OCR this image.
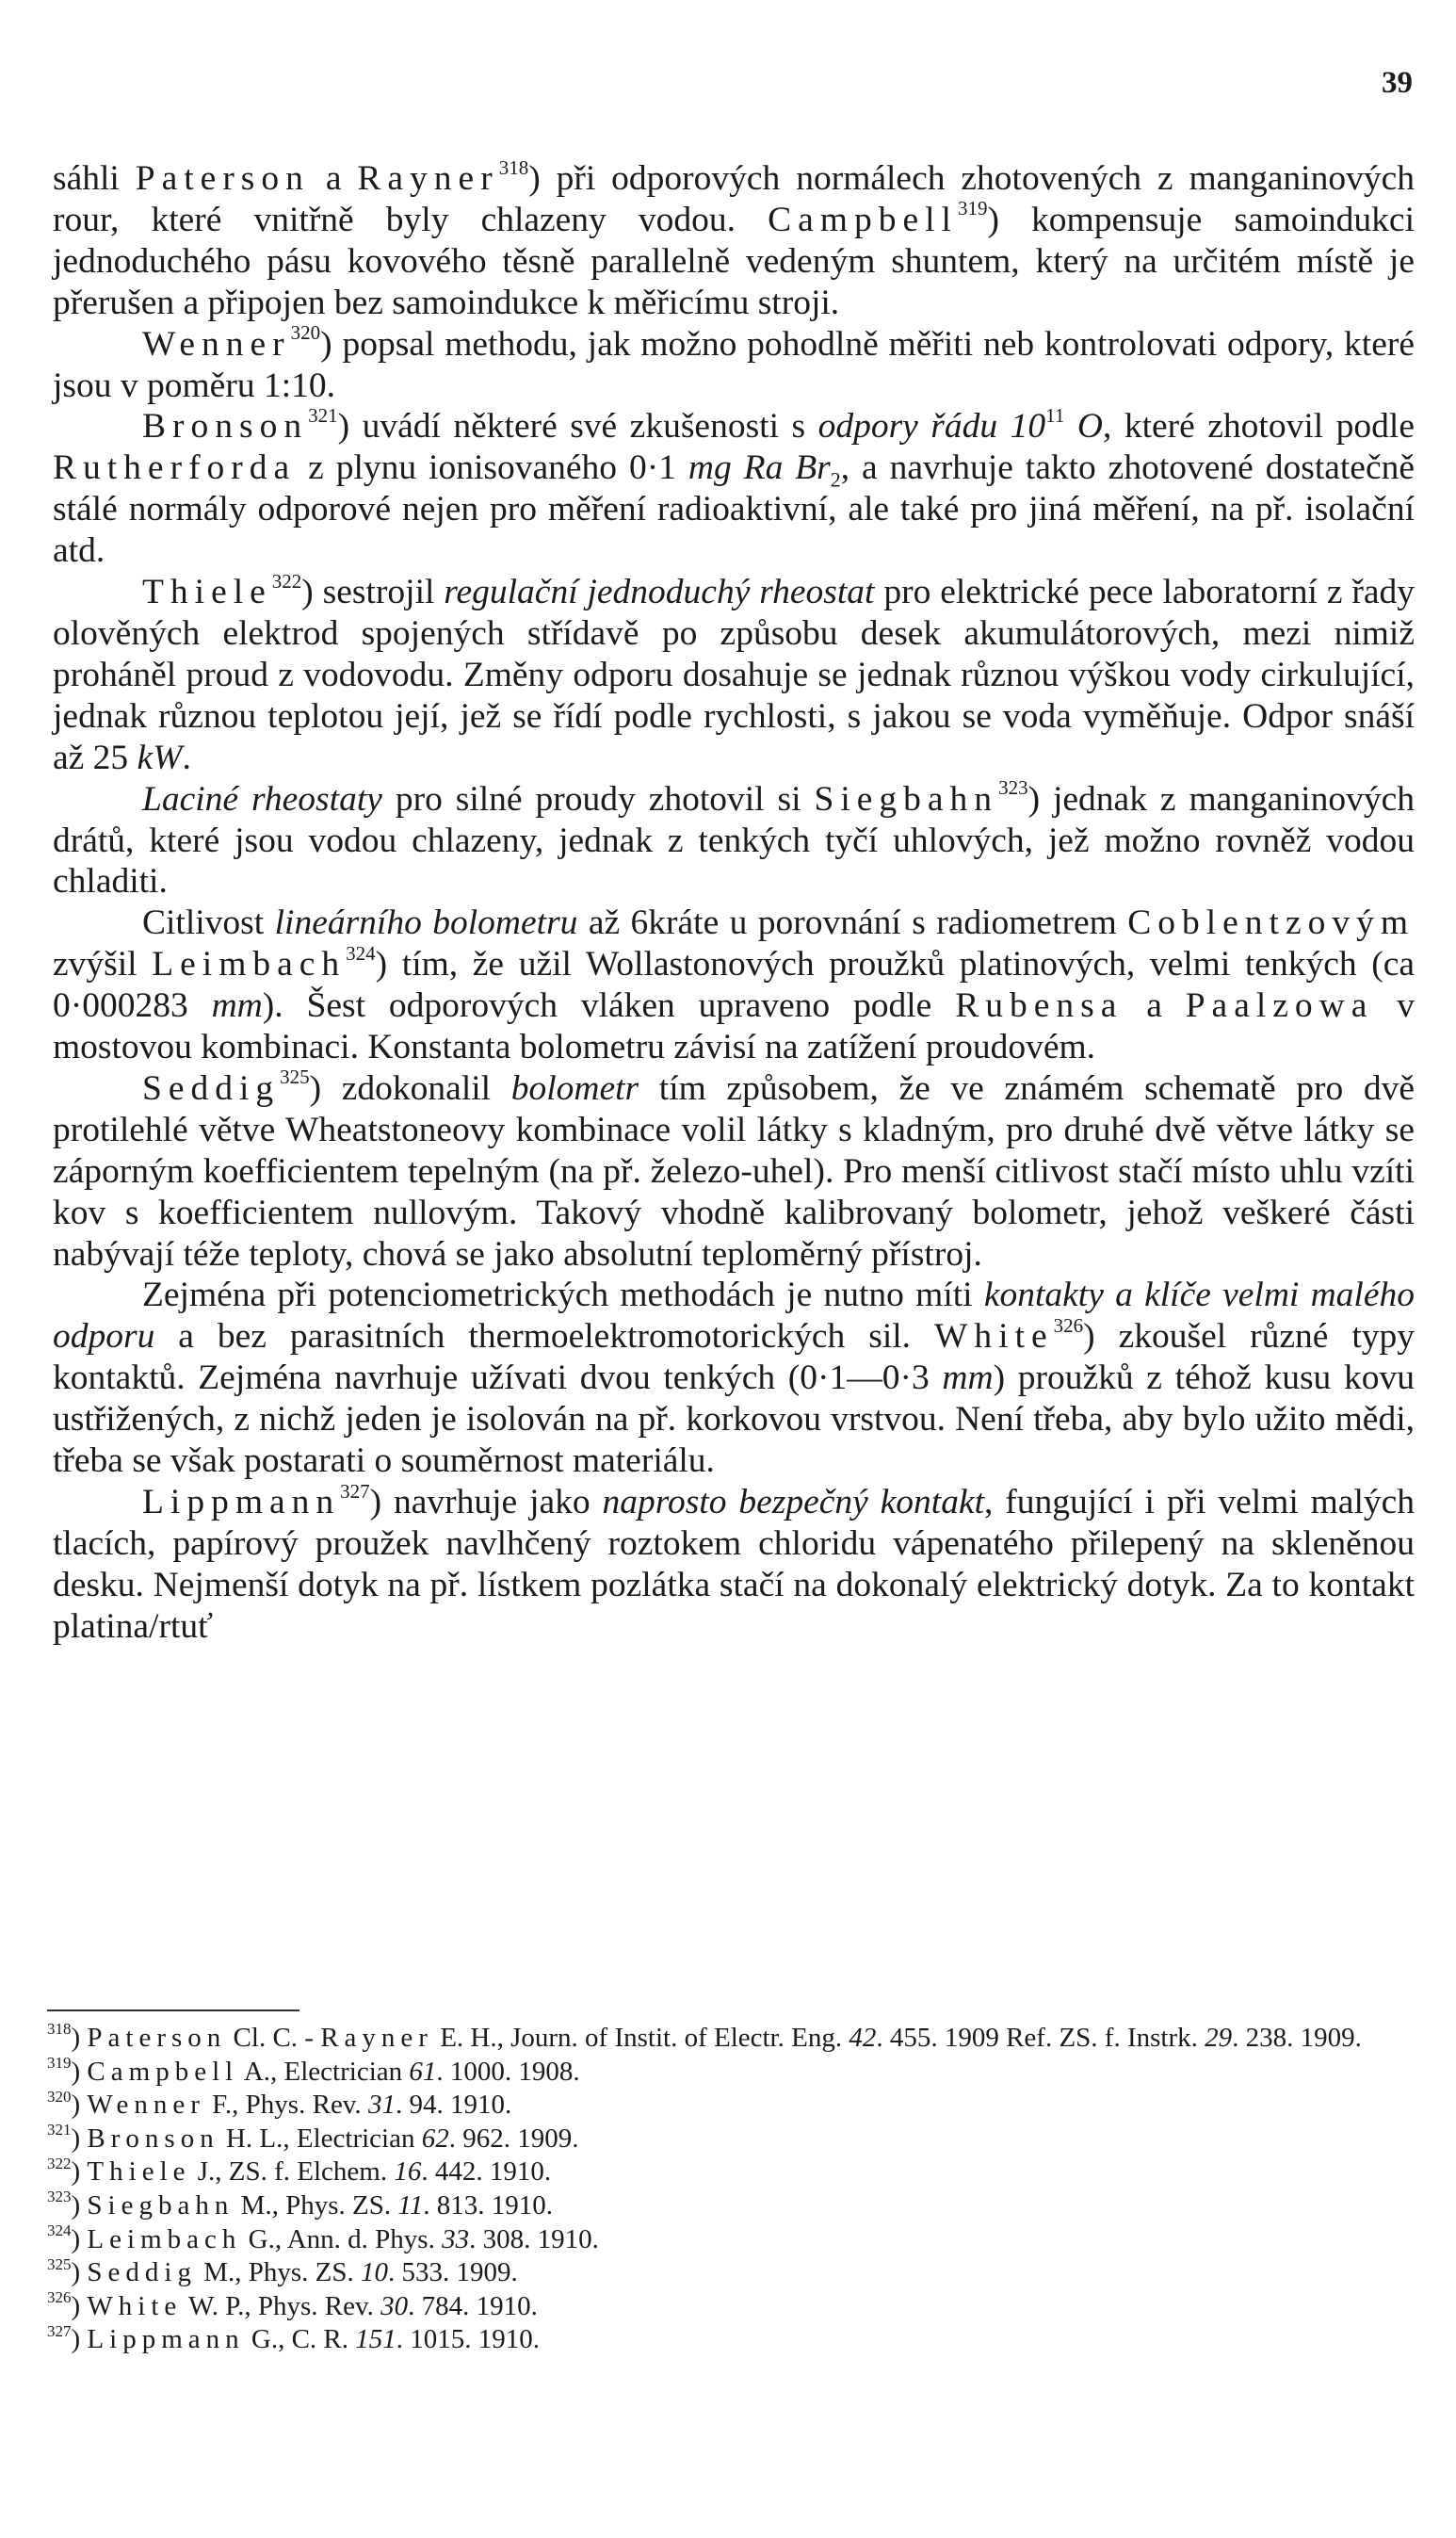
39

sáhli Paterson a Rayner$^{318}$) při odporových normálech zhotovených z manganinových rour, které vnitřně byly chlazeny vodou. Campbell$^{319}$) kompensuje samoindukci jednoduchého pásu kovového těsně parallelně vedeným shuntem, který na určitém místě je přerušen a připojen bez samoindukce k měřicímu stroji.

Wenner$^{320}$) popsal methodu, jak možno pohodlně měřiti neb kontrolovati odpory, které jsou v poměru 1:10.

Bronson$^{321}$) uvádí některé své zkušenosti s odpory řádu $10^{11}$ O, které zhotovil podle Rutherforda z plynu ionisovaného 0·1 mg Ra $Br_2$, a navrhuje takto zhotovené dostatečně stálé normály odporové nejen pro měření radioaktivní, ale také pro jiná měření, na př. isolační atd.

Thiele$^{322}$) sestrojil regulační jednoduchý rheostat pro elektrické pece laboratorní z řady olověných elektrod spojených střídavě po způsobu desek akumulátorových, mezi nimiž proháněl proud z vodovodu. Změny odporu dosahuje se jednak různou výškou vody cirkulující, jednak různou teplotou její, jež se řídí podle rychlosti, s jakou se voda vyměňuje. Odpor snáší až 25 kW.

Laciné rheostaty pro silné proudy zhotovil si Siegbahn$^{323}$) jednak z manganinových drátů, které jsou vodou chlazeny, jednak z tenkých tyčí uhlových, jež možno rovněž vodou chladiti.

Citlivost lineárního bolometru až 6kráte u porovnání s radiometrem Coblentzovým zvýšil Leimbach$^{324}$) tím, že užil Wollastonových proužků platinových, velmi tenkých (ca 0·000283 mm). Šest odporových vláken upraveno podle Rubensa a Paalzowa v mostovou kombinaci. Konstanta bolometru závisí na zatížení proudovém.

Seddig$^{325}$) zdokonalil bolometr tím způsobem, že ve známém schematě pro dvě protilehlé větve Wheatstoneovy kombinace volil látky s kladným, pro druhé dvě větve látky se záporným koefficientem tepelným (na př. železo-uhel). Pro menší citlivost stačí místo uhlu vzíti kov s koefficientem nullovým. Takový vhodně kalibrovaný bolometr, jehož veškeré části nabývají téže teploty, chová se jako absolutní teploměrný přístroj.

Zejména při potenciometrických methodách je nutno míti kontakty a klíče velmi malého odporu a bez parasitních thermoelektromotorických sil. White$^{326}$) zkoušel různé typy kontaktů. Zejména navrhuje užívati dvou tenkých (0·1—0·3 mm) proužků z téhož kusu kovu ustřižených, z nichž jeden je isolován na př. korkovou vrstvou. Není třeba, aby bylo užito mědi, třeba se však postarati o souměrnost materiálu.

Lippmann$^{327}$) navrhuje jako naprosto bezpečný kontakt, fungující i při velmi malých tlacích, papírový proužek navlhčený roztokem chloridu vápenatého přilepený na skleněnou desku. Nejmenší dotyk na př. lístkem pozlátka stačí na dokonalý elektrický dotyk. Za to kontakt platina/rtuť

$^{318}$) Paterson Cl. C. - Rayner E. H., Journ. of Instit. of Electr. Eng. 42. 455. 1909 Ref. ZS. f. Instrk. 29. 238. 1909.
$^{319}$) Campbell A., Electrician 61. 1000. 1908.
$^{320}$) Wenner F., Phys. Rev. 31. 94. 1910.
$^{321}$) Bronson H. L., Electrician 62. 962. 1909.
$^{322}$) Thiele J., ZS. f. Elchem. 16. 442. 1910.
$^{323}$) Siegbahn M., Phys. ZS. 11. 813. 1910.
$^{324}$) Leimbach G., Ann. d. Phys. 33. 308. 1910.
$^{325}$) Seddig M., Phys. ZS. 10. 533. 1909.
$^{326}$) White W. P., Phys. Rev. 30. 784. 1910.
$^{327}$) Lippmann G., C. R. 151. 1015. 1910.
